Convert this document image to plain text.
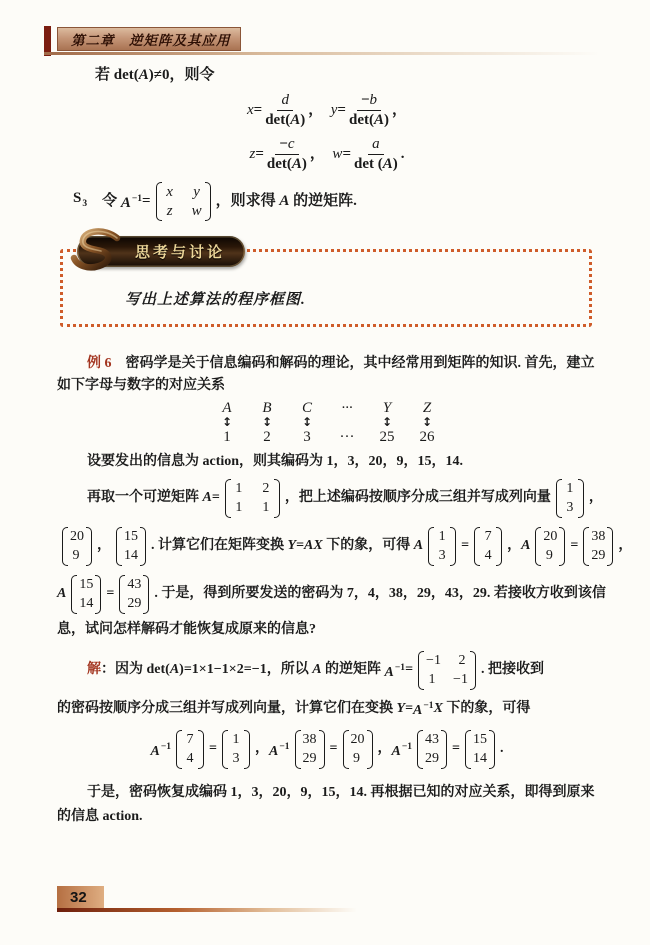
第二章　逆矩阵及其应用
若 det( A )≠0，则令
$x = \frac{d}{\det(A)}$ ， $y = \frac{-b}{\det(A)}$ ，
$z = \frac{-c}{\det(A)}$ ， $w = \frac{a}{\det (A)}$ .
$S_3$ 　令 $A^{-1}$ =
x y
z w
，则求得 A 的逆矩阵.
思考与讨论
写出上述算法的程序框图.
例 6 　密码学是关于信息编码和解码的理论，其中经常用到矩阵的知识. 首先，建立
如下字母与数字的对应关系
A	B	C	···	Y	Z
↕	↕	↕	↕	↕
1	2	3	···	25	26
设要发出的信息为 action，则其编码为 1，3，20，9，15，14.
再取一个可逆矩阵 A =
1 2
1 1
，把上述编码按顺序分成三组并写成列向量
1
3
，
20
9
，
15
14
. 计算它们在矩阵变换 Y = A X 下的象，可得 A
1
3
=
7
4
， A
20
9
=
38
29
，
A
15
14
=
43
29
. 于是，得到所要发送的密码为 7，4，38，29，43，29. 若接收方收到该信
息，试问怎样解码才能恢复成原来的信息?
解 ：因为 det( A )=1×1−1×2=−1，所以 A 的逆矩阵 $A^{-1}$ =
−1 2
1 −1
. 把接收到
的密码按顺序分成三组并写成列向量，计算它们在变换 $Y = A^{-1}$ X 下的象，可得
$A^{-1}$ 7
4
=
1
3
， $A^{-1}$ 38
29
=
20
9
， $A^{-1}$ 43
29
=
15
14
.
于是，密码恢复成编码 1，3，20，9，15，14. 再根据已知的对应关系，即得到原来
的信息 action.
32
